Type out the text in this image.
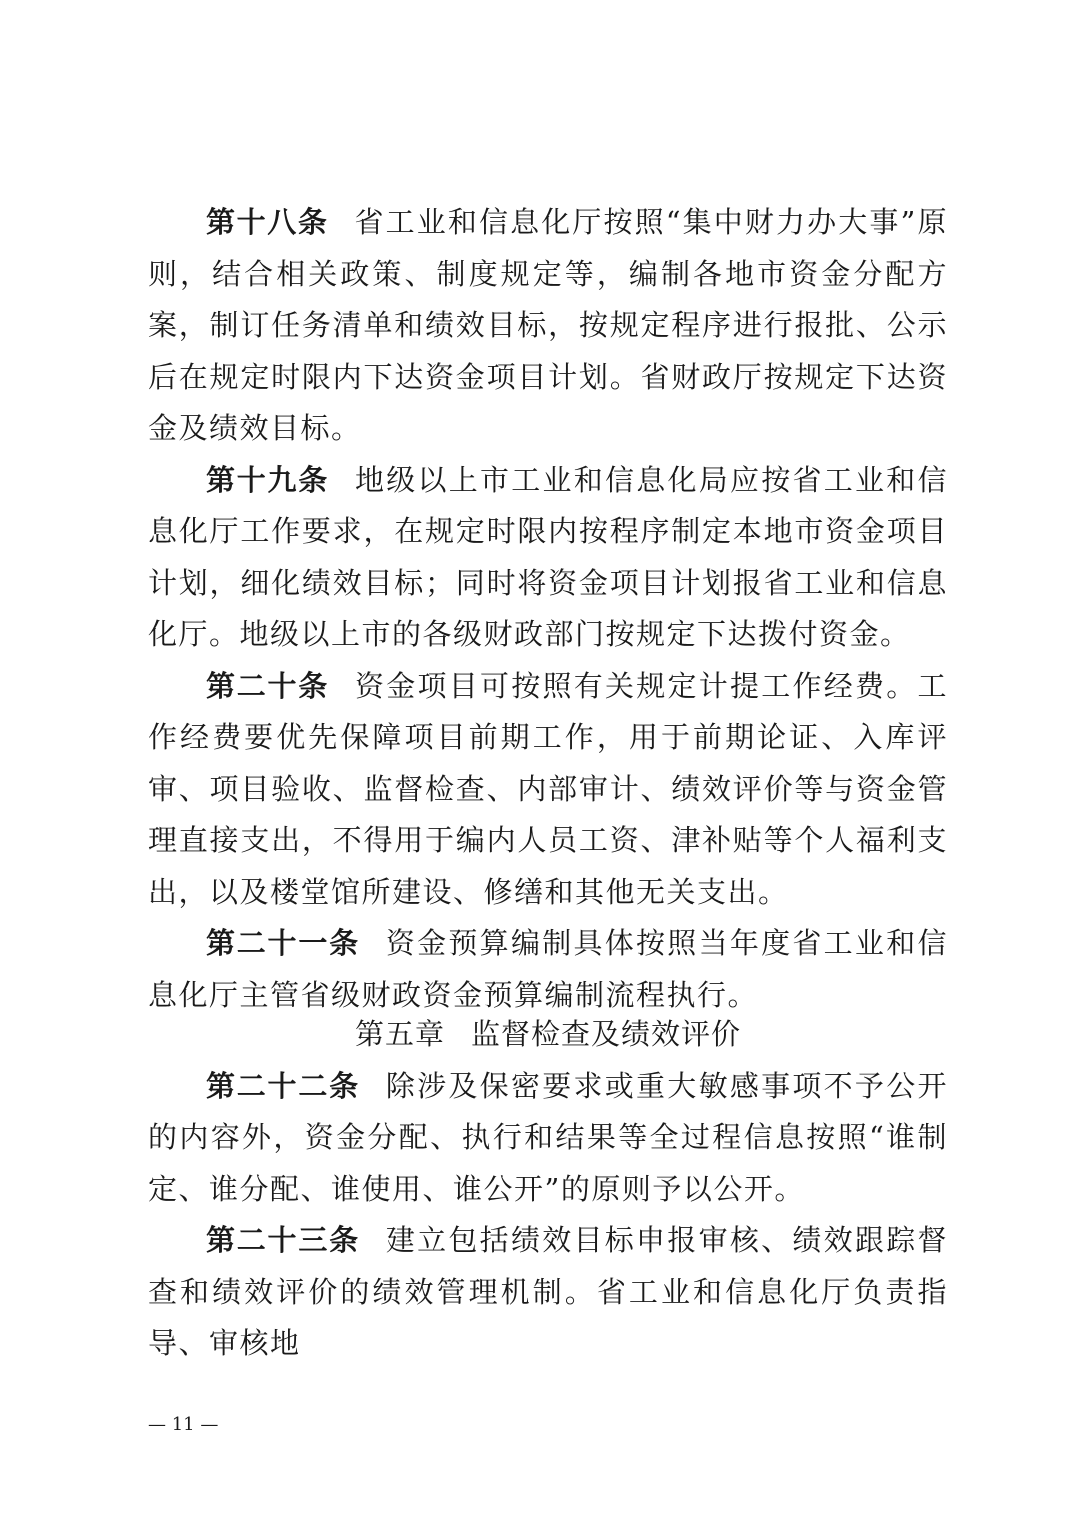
第十八条 省工业和信息化厅按照“集中财力办大事”原则，结合相关政策、制度规定等，编制各地市资金分配方案，制订任务清单和绩效目标，按规定程序进行报批、公示后在规定时限内下达资金项目计划。省财政厅按规定下达资金及绩效目标。

第十九条 地级以上市工业和信息化局应按省工业和信息化厅工作要求，在规定时限内按程序制定本地市资金项目计划，细化绩效目标；同时将资金项目计划报省工业和信息化厅。地级以上市的各级财政部门按规定下达拨付资金。

第二十条 资金项目可按照有关规定计提工作经费。工作经费要优先保障项目前期工作，用于前期论证、入库评审、项目验收、监督检查、内部审计、绩效评价等与资金管理直接支出，不得用于编内人员工资、津补贴等个人福利支出，以及楼堂馆所建设、修缮和其他无关支出。

第二十一条 资金预算编制具体按照当年度省工业和信息化厅主管省级财政资金预算编制流程执行。

第五章 监督检查及绩效评价

第二十二条 除涉及保密要求或重大敏感事项不予公开的内容外，资金分配、执行和结果等全过程信息按照“谁制定、谁分配、谁使用、谁公开”的原则予以公开。

第二十三条 建立包括绩效目标申报审核、绩效跟踪督查和绩效评价的绩效管理机制。省工业和信息化厅负责指导、审核地

— 11 —
